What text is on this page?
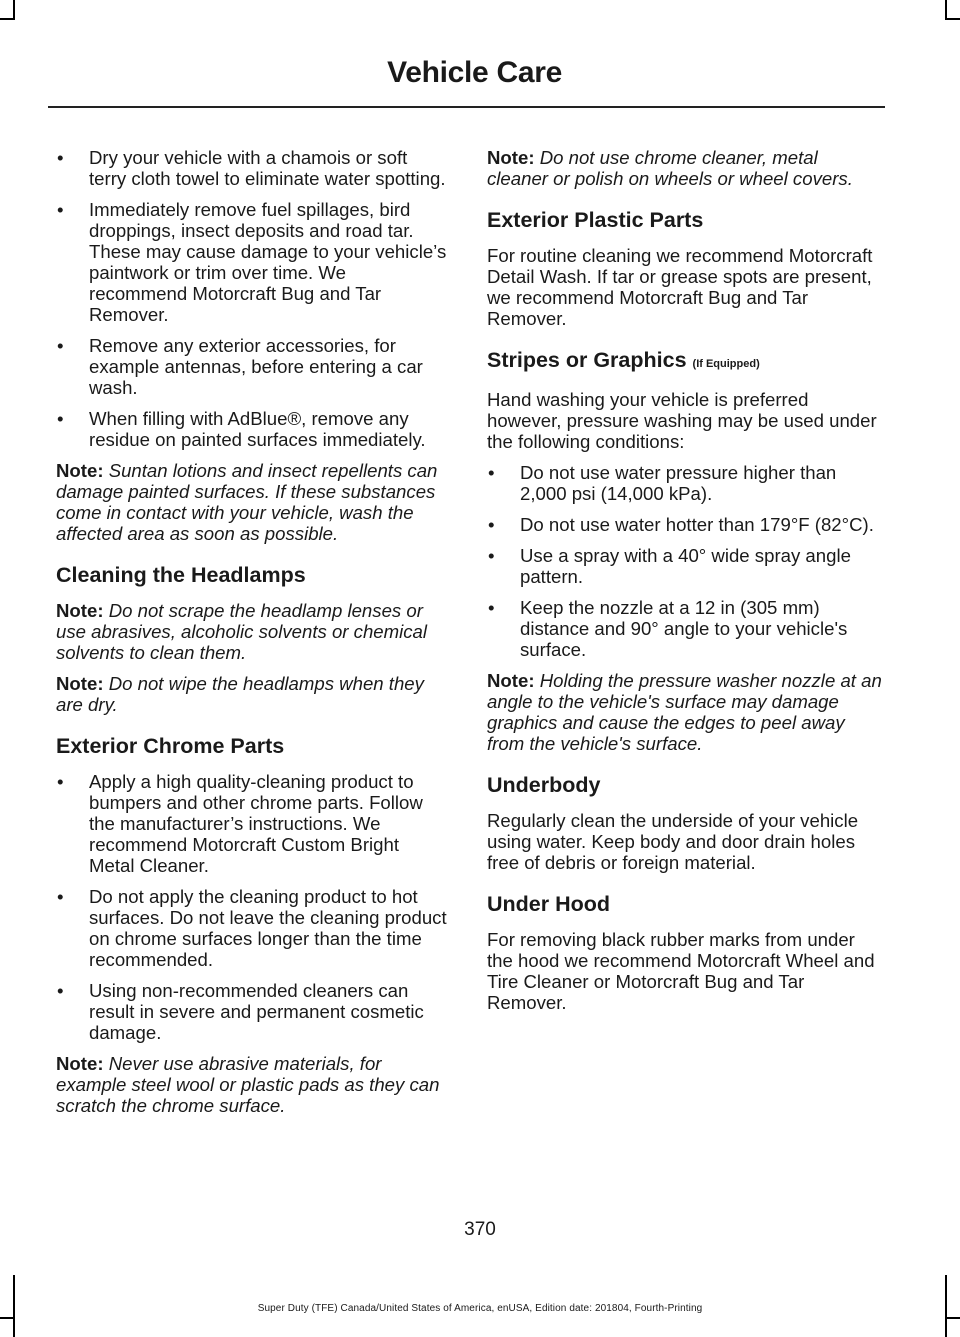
Vehicle Care
• Dry your vehicle with a chamois or soft terry cloth towel to eliminate water spotting.
• Immediately remove fuel spillages, bird droppings, insect deposits and road tar. These may cause damage to your vehicle’s paintwork or trim over time. We recommend Motorcraft Bug and Tar Remover.
• Remove any exterior accessories, for example antennas, before entering a car wash.
• When filling with AdBlue®, remove any residue on painted surfaces immediately.

Note: Suntan lotions and insect repellents can damage painted surfaces. If these substances come in contact with your vehicle, wash the affected area as soon as possible.

Cleaning the Headlamps

Note: Do not scrape the headlamp lenses or use abrasives, alcoholic solvents or chemical solvents to clean them.

Note: Do not wipe the headlamps when they are dry.

Exterior Chrome Parts
• Apply a high quality-cleaning product to bumpers and other chrome parts. Follow the manufacturer’s instructions. We recommend Motorcraft Custom Bright Metal Cleaner.
• Do not apply the cleaning product to hot surfaces. Do not leave the cleaning product on chrome surfaces longer than the time recommended.
• Using non-recommended cleaners can result in severe and permanent cosmetic damage.

Note: Never use abrasive materials, for example steel wool or plastic pads as they can scratch the chrome surface.

Note: Do not use chrome cleaner, metal cleaner or polish on wheels or wheel covers.

Exterior Plastic Parts

For routine cleaning we recommend Motorcraft Detail Wash. If tar or grease spots are present, we recommend Motorcraft Bug and Tar Remover.

Stripes or Graphics (If Equipped)

Hand washing your vehicle is preferred however, pressure washing may be used under the following conditions:

• Do not use water pressure higher than 2,000 psi (14,000 kPa).
• Do not use water hotter than 179°F (82°C).
• Use a spray with a 40° wide spray angle pattern.
• Keep the nozzle at a 12 in (305 mm) distance and 90° angle to your vehicle's surface.

Note: Holding the pressure washer nozzle at an angle to the vehicle's surface may damage graphics and cause the edges to peel away from the vehicle's surface.

Underbody

Regularly clean the underside of your vehicle using water. Keep body and door drain holes free of debris or foreign material.

Under Hood

For removing black rubber marks from under the hood we recommend Motorcraft Wheel and Tire Cleaner or Motorcraft Bug and Tar Remover.

370
Super Duty (TFE) Canada/United States of America, enUSA, Edition date: 201804, Fourth-Printing
